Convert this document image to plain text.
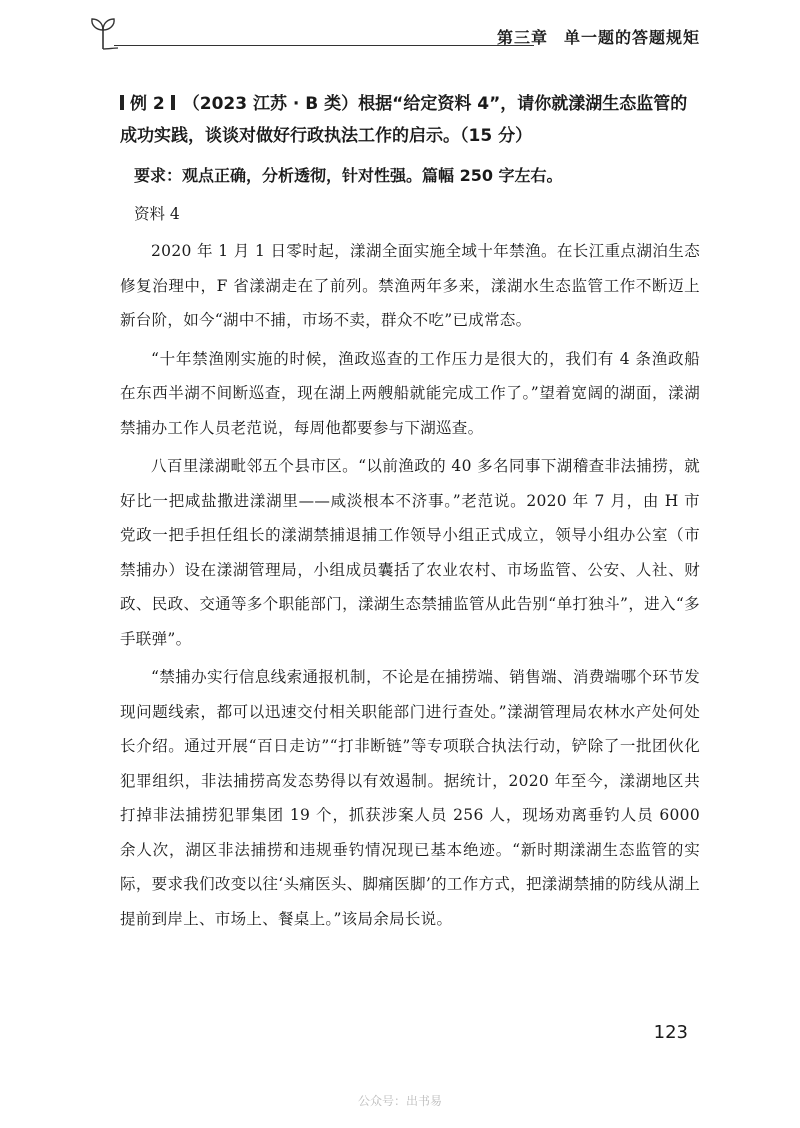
第三章 单一题的答题规矩

例 2 （2023 江苏 · B 类）根据“给定资料 4”，请你就漾湖生态监管的成功实践，谈谈对做好行政执法工作的启示。（15 分）

要求：观点正确，分析透彻，针对性强。篇幅 250 字左右。

资料 4

2020 年 1 月 1 日零时起，漾湖全面实施全域十年禁渔。在长江重点湖泊生态修复治理中，F 省漾湖走在了前列。禁渔两年多来，漾湖水生态监管工作不断迈上新台阶，如今“湖中不捕，市场不卖，群众不吃”已成常态。

“十年禁渔刚实施的时候，渔政巡查的工作压力是很大的，我们有 4 条渔政船在东西半湖不间断巡查，现在湖上两艘船就能完成工作了。”望着宽阔的湖面，漾湖禁捕办工作人员老范说，每周他都要参与下湖巡查。

八百里漾湖毗邻五个县市区。“以前渔政的 40 多名同事下湖稽查非法捕捞，就好比一把咸盐撒进漾湖里——咸淡根本不济事。”老范说。2020 年 7 月，由 H 市党政一把手担任组长的漾湖禁捕退捕工作领导小组正式成立，领导小组办公室（市禁捕办）设在漾湖管理局，小组成员囊括了农业农村、市场监管、公安、人社、财政、民政、交通等多个职能部门，漾湖生态禁捕监管从此告别“单打独斗”，进入“多手联弹”。

“禁捕办实行信息线索通报机制，不论是在捕捞端、销售端、消费端哪个环节发现问题线索，都可以迅速交付相关职能部门进行查处。”漾湖管理局农林水产处何处长介绍。通过开展“百日走访”“打非断链”等专项联合执法行动，铲除了一批团伙化犯罪组织，非法捕捞高发态势得以有效遏制。据统计，2020 年至今，漾湖地区共打掉非法捕捞犯罪集团 19 个，抓获涉案人员 256 人，现场劝离垂钓人员 6000 余人次，湖区非法捕捞和违规垂钓情况现已基本绝迹。“新时期漾湖生态监管的实际，要求我们改变以往‘头痛医头、脚痛医脚’的工作方式，把漾湖禁捕的防线从湖上提前到岸上、市场上、餐桌上。”该局余局长说。

123
公众号：出书易
